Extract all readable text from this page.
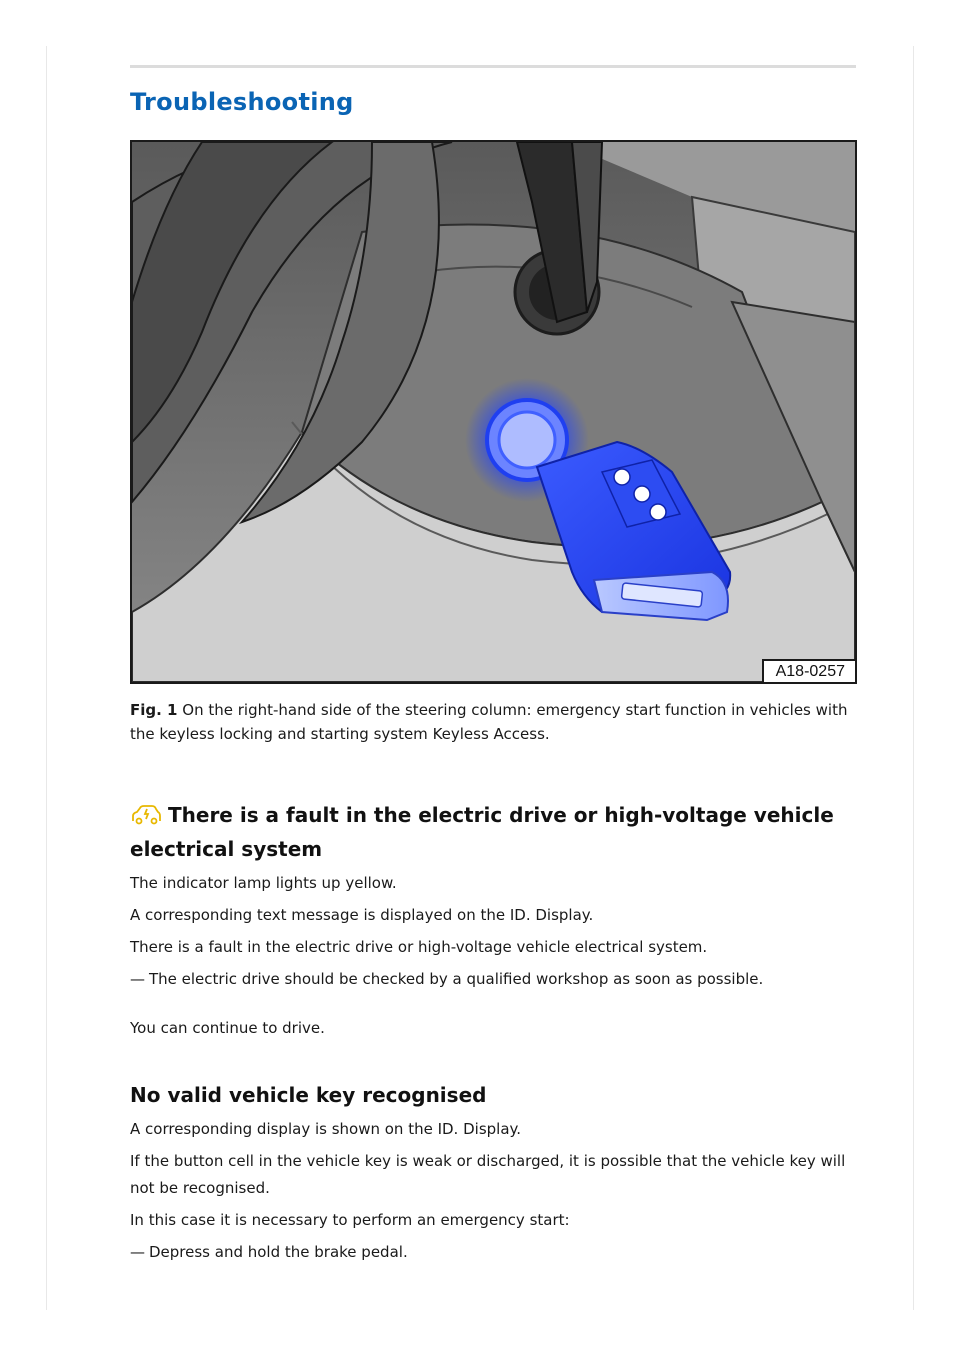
Troubleshooting
A18-0257

Fig. 1 On the right-hand side of the steering column: emergency start function in vehicles with the keyless locking and starting system Keyless Access.

There is a fault in the electric drive or high-voltage vehicle electrical system

The indicator lamp lights up yellow.

A corresponding text message is displayed on the ID. Display.

There is a fault in the electric drive or high-voltage vehicle electrical system.

— The electric drive should be checked by a qualified workshop as soon as possible.

You can continue to drive.

No valid vehicle key recognised

A corresponding display is shown on the ID. Display.

If the button cell in the vehicle key is weak or discharged, it is possible that the vehicle key will not be recognised.

In this case it is necessary to perform an emergency start:

— Depress and hold the brake pedal.
